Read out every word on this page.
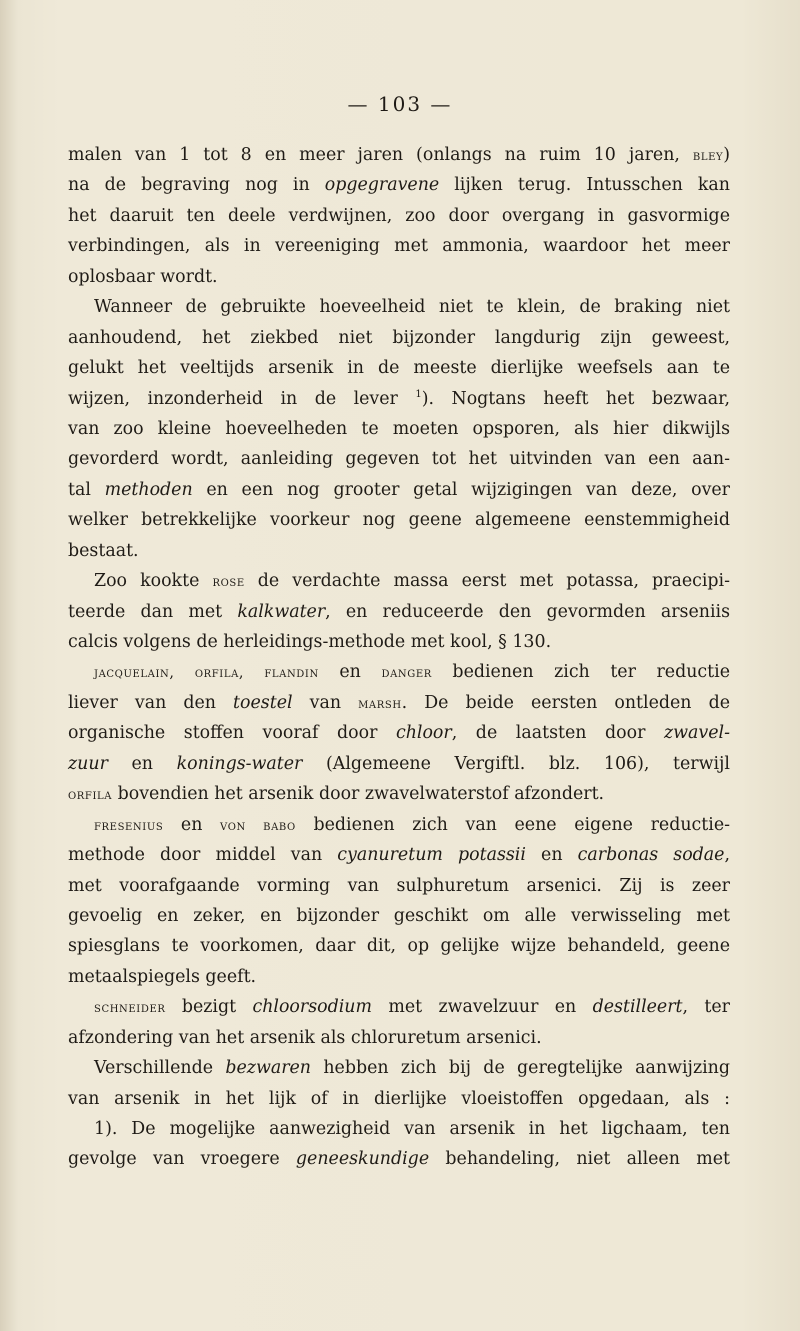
— 103 —
malen van 1 tot 8 en meer jaren (onlangs na ruim 10 jaren, bley)
na de begraving nog in opgegravene lijken terug. Intusschen kan
het daaruit ten deele verdwijnen, zoo door overgang in gasvormige
verbindingen, als in vereeniging met ammonia, waardoor het meer
oplosbaar wordt.
Wanneer de gebruikte hoeveelheid niet te klein, de braking niet
aanhoudend, het ziekbed niet bijzonder langdurig zijn geweest,
gelukt het veeltijds arsenik in de meeste dierlijke weefsels aan te
wijzen, inzonderheid in de lever $^1$). Nogtans heeft het bezwaar,
van zoo kleine hoeveelheden te moeten opsporen, als hier dikwijls
gevorderd wordt, aanleiding gegeven tot het uitvinden van een aan-
tal methoden en een nog grooter getal wijzigingen van deze, over
welker betrekkelijke voorkeur nog geene algemeene eenstemmigheid
bestaat.
Zoo kookte rose de verdachte massa eerst met potassa, praecipi-
teerde dan met kalkwater, en reduceerde den gevormden arseniis
calcis volgens de herleidings-methode met kool, § 130.
jacquelain, orfila, flandin en danger bedienen zich ter reductie
liever van den toestel van marsh. De beide eersten ontleden de
organische stoffen vooraf door chloor, de laatsten door zwavel-
zuur en konings-water (Algemeene Vergiftl. blz. 106), terwijl
orfila bovendien het arsenik door zwavelwaterstof afzondert.
fresenius en von babo bedienen zich van eene eigene reductie-
methode door middel van cyanuretum potassii en carbonas sodae,
met voorafgaande vorming van sulphuretum arsenici. Zij is zeer
gevoelig en zeker, en bijzonder geschikt om alle verwisseling met
spiesglans te voorkomen, daar dit, op gelijke wijze behandeld, geene
metaalspiegels geeft.
schneider bezigt chloorsodium met zwavelzuur en destilleert, ter
afzondering van het arsenik als chloruretum arsenici.
Verschillende bezwaren hebben zich bij de geregtelijke aanwijzing
van arsenik in het lijk of in dierlijke vloeistoffen opgedaan, als :
1). De mogelijke aanwezigheid van arsenik in het ligchaam, ten
gevolge van vroegere geneeskundige behandeling, niet alleen met
